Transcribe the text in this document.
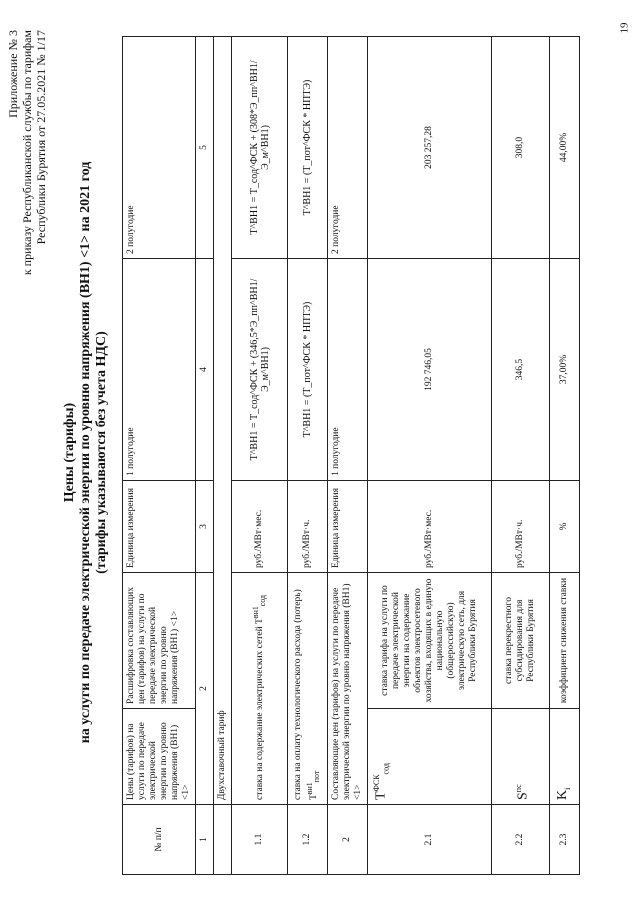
19
Приложение № 3 к приказу Республиканской службы по тарифам Республики Бурятия от 27.05.2021 № 1/17
Цены (тарифы) на услуги по передаче электрической энергии по уровню напряжения (ВН1) <1> на 2021 год (тарифы указываются без учета НДС)
№ п/п	Цены (тарифов) на услуги по передаче электрической энергии по уровню напряжения (ВН1) <1>	Расшифровка составляющих цен (тарифов) на услуги по передаче электрической энергии по уровню напряжения (ВН1) <1>	Единица измерения	1 полугодие	2 полугодие
1	2		3	4	5
	Двухставочный тариф				
1.1	ставка на содержание электрических сетей $T^{вн1}_{сод}$		руб./МВт·мес.	T^ВН1 = T_сод^ФСК + (346,5*Э_пп^ВН1/Э_м^ВН1)	T^ВН1 = T_сод^ФСК + (308*Э_пп^ВН1/Э_м^ВН1)
1.2	ставка на оплату технологического расхода (потерь) $T^{вн1}_{пот}$		руб./МВт·ч.	T^ВН1 = (T_пот^ФСК * НПТЭ)	T^ВН1 = (T_пот^ФСК * НПТЭ)
2	Составляющие цен (тарифов) на услуги по передаче электрической энергии по уровню напряжения (ВН1) <1>		Единица измерения	1 полугодие	2 полугодие
2.1	$T^{ФСК}_{сод}$	ставка тарифа на услуги по передаче электрической энергии на содержание объектов электросетевого хозяйства, входящих в единую национальную (общероссийскую) электрическую сеть, для Республики Бурятия	руб./МВт·мес.	192 746,05	203 257,28
2.2	$S^{пс}$	ставка перекрестного субсидирования для Республики Бурятия	руб./МВт·ч.	346,5	308,0
2.3	$K_i$	коэффициент снижения ставки	%	37,00%	44,00%
